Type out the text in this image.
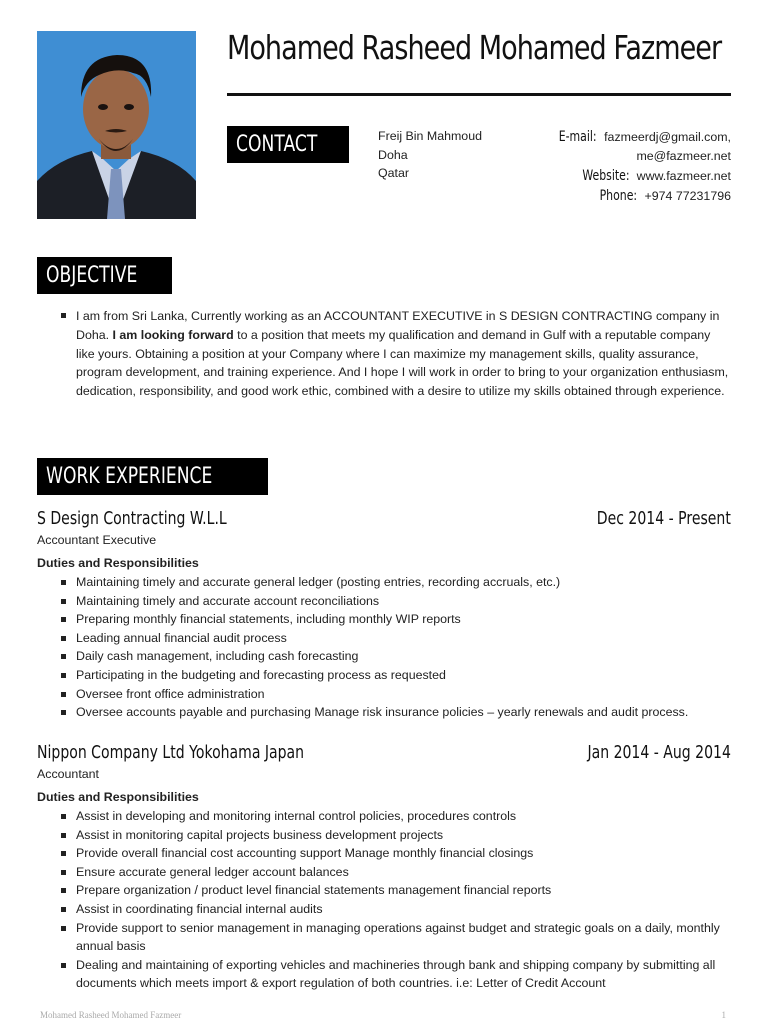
Mohamed Rasheed Mohamed Fazmeer
CONTACT	Freij Bin Mahmoud
Doha
Qatar
E-mail: fazmeerdj@gmail.com,
me@fazmeer.net
Website: www.fazmeer.net
Phone: +974 77231796
OBJECTIVE
I am from Sri Lanka, Currently working as an ACCOUNTANT EXECUTIVE in S DESIGN CONTRACTING company in Doha. I am looking forward to a position that meets my qualification and demand in Gulf with a reputable company like yours. Obtaining a position at your Company where I can maximize my management skills, quality assurance, program development, and training experience. And I hope I will work in order to bring to your organization enthusiasm, dedication, responsibility, and good work ethic, combined with a desire to utilize my skills obtained through experience.
WORK EXPERIENCE
S Design Contracting W.L.L	Dec 2014 - Present
Accountant Executive
Duties and Responsibilities
Maintaining timely and accurate general ledger (posting entries, recording accruals, etc.)
Maintaining timely and accurate account reconciliations
Preparing monthly financial statements, including monthly WIP reports
Leading annual financial audit process
Daily cash management, including cash forecasting
Participating in the budgeting and forecasting process as requested
Oversee front office administration
Oversee accounts payable and purchasing Manage risk insurance policies – yearly renewals and audit process.
Nippon Company Ltd Yokohama Japan	Jan 2014 - Aug 2014
Accountant
Duties and Responsibilities
Assist in developing and monitoring internal control policies, procedures controls
Assist in monitoring capital projects business development projects
Provide overall financial cost accounting support Manage monthly financial closings
Ensure accurate general ledger account balances
Prepare organization / product level financial statements management financial reports
Assist in coordinating financial internal audits
Provide support to senior management in managing operations against budget and strategic goals on a daily, monthly annual basis
Dealing and maintaining of exporting vehicles and machineries through bank and shipping company by submitting all documents which meets import & export regulation of both countries. i.e: Letter of Credit Account
Mohamed Rasheed Mohamed Fazmeer	1
